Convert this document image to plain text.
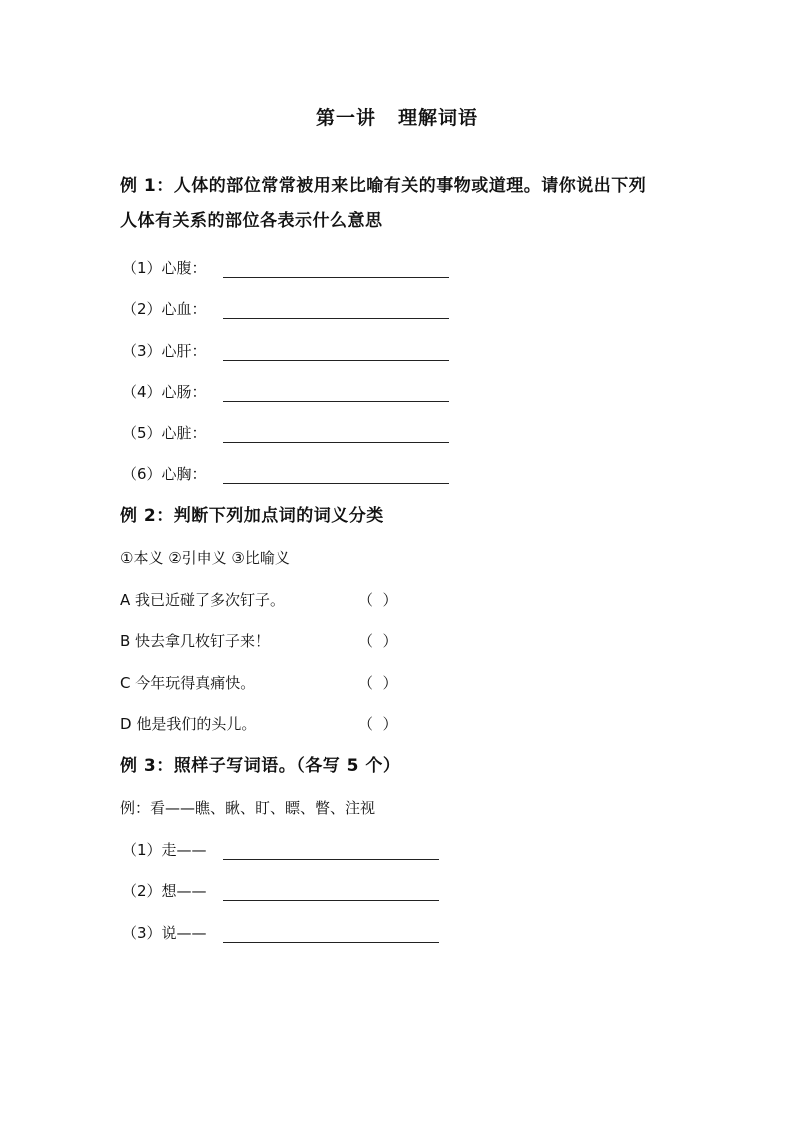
第一讲 理解词语
例 1：人体的部位常常被用来比喻有关的事物或道理。请你说出下列
人体有关系的部位各表示什么意思
（1）心腹：
（2）心血：
（3）心肝：
（4）心肠：
（5）心脏：
（6）心胸：
例 2：判断下列加点词的词义分类
①本义 ②引申义 ③比喻义
A 我已近碰了多次钉子。	（  ）
B 快去拿几枚钉子来！	（  ）
C 今年玩得真痛快。	（  ）
D 他是我们的头儿。	（  ）
例 3：照样子写词语。（各写 5 个）
例：看——瞧、瞅、盯、瞟、瞥、注视
（1）走——
（2）想——
（3）说——
